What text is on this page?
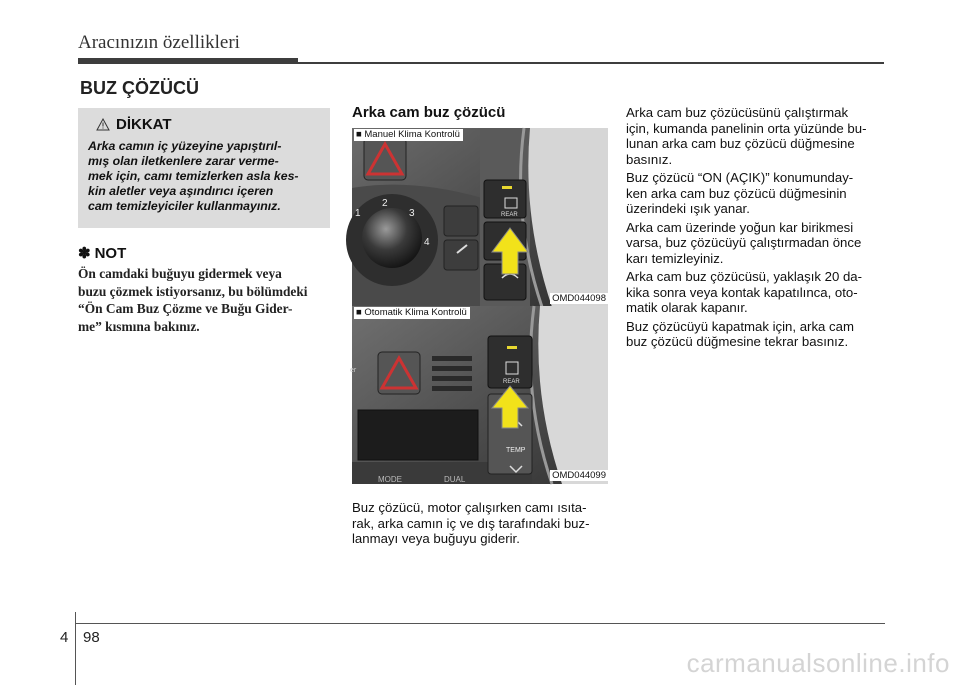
Aracınızın özellikleri
BUZ ÇÖZÜCÜ
DİKKAT
Arka camın iç yüzeyine yapıştırıl-
mış olan iletkenlere zarar verme-
mek için, camı temizlerken asla kes-
kin aletler veya aşındırıcı içeren
cam temizleyiciler kullanmayınız.
✽ NOT
Ön camdaki buğuyu gidermek veya
buzu çözmek istiyorsanız, bu bölümdeki
“Ön Cam Buz Çözme ve Buğu Gider-
me” kısmına bakınız.
Arka cam buz çözücü
1
2
3
4
REAR
■ Manuel Klima Kontrolü
OMD044098
REAR
TEMP
MODE	DUAL
er
■ Otomatik Klima Kontrolü
OMD044099
Buz çözücü, motor çalışırken camı ısıta-
rak, arka camın iç ve dış tarafındaki buz-
lanmayı veya buğuyu giderir.

Arka cam buz çözücüsünü çalıştırmak
için, kumanda panelinin orta yüzünde bu-
lunan arka cam buz çözücü düğmesine
basınız.

Buz çözücü “ON (AÇIK)” konumunday-
ken arka cam buz çözücü düğmesinin
üzerindeki ışık yanar.

Arka cam üzerinde yoğun kar birikmesi
varsa, buz çözücüyü çalıştırmadan önce
karı temizleyiniz.

Arka cam buz çözücüsü, yaklaşık 20 da-
kika sonra veya kontak kapatılınca, oto-
matik olarak kapanır.

Buz çözücüyü kapatmak için, arka cam
buz çözücü düğmesine tekrar basınız.

4 98
carmanualsonline.info
